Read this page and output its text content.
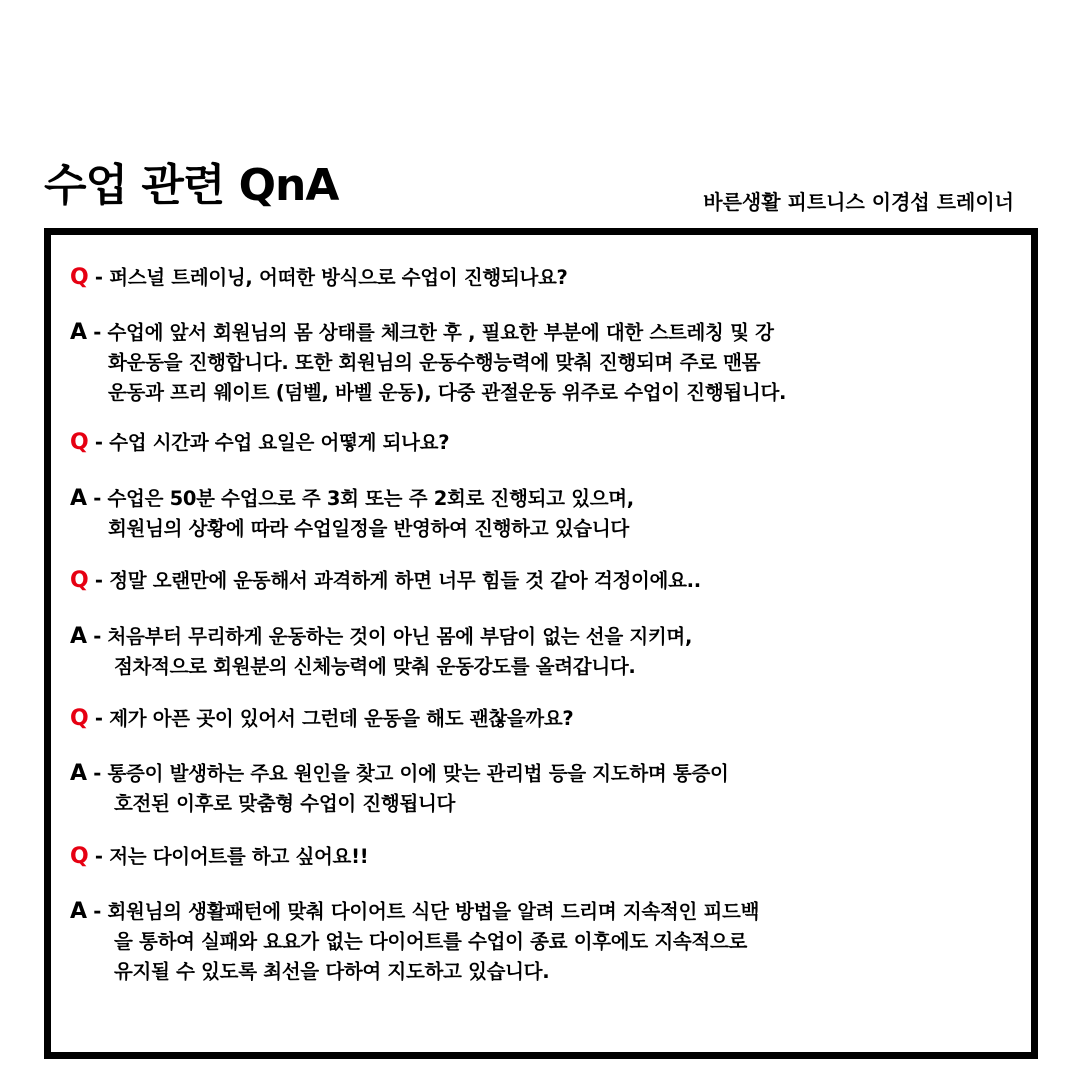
수업 관련 QnA	바른생활 피트니스 이경섭 트레이너

Q - 퍼스널 트레이닝, 어떠한 방식으로 수업이 진행되나요?

A - 수업에 앞서 회원님의 몸 상태를 체크한 후 , 필요한 부분에 대한 스트레칭 및 강
화운동을 진행합니다. 또한 회원님의 운동수행능력에 맞춰 진행되며 주로 맨몸
운동과 프리 웨이트 (덤벨, 바벨 운동), 다중 관절운동 위주로 수업이 진행됩니다.

Q - 수업 시간과 수업 요일은 어떻게 되나요?

A - 수업은 50분 수업으로 주 3회 또는 주 2회로 진행되고 있으며,
회원님의 상황에 따라 수업일정을 반영하여 진행하고 있습니다

Q - 정말 오랜만에 운동해서 과격하게 하면 너무 힘들 것 같아 걱정이에요..

A - 처음부터 무리하게 운동하는 것이 아닌 몸에 부담이 없는 선을 지키며,
점차적으로 회원분의 신체능력에 맞춰 운동강도를 올려갑니다.

Q - 제가 아픈 곳이 있어서 그런데 운동을 해도 괜찮을까요?

A - 통증이 발생하는 주요 원인을 찾고 이에 맞는 관리법 등을 지도하며 통증이
호전된 이후로 맞춤형 수업이 진행됩니다

Q - 저는 다이어트를 하고 싶어요!!

A - 회원님의 생활패턴에 맞춰 다이어트 식단 방법을 알려 드리며 지속적인 피드백
을 통하여 실패와 요요가 없는 다이어트를 수업이 종료 이후에도 지속적으로
유지될 수 있도록 최선을 다하여 지도하고 있습니다.
